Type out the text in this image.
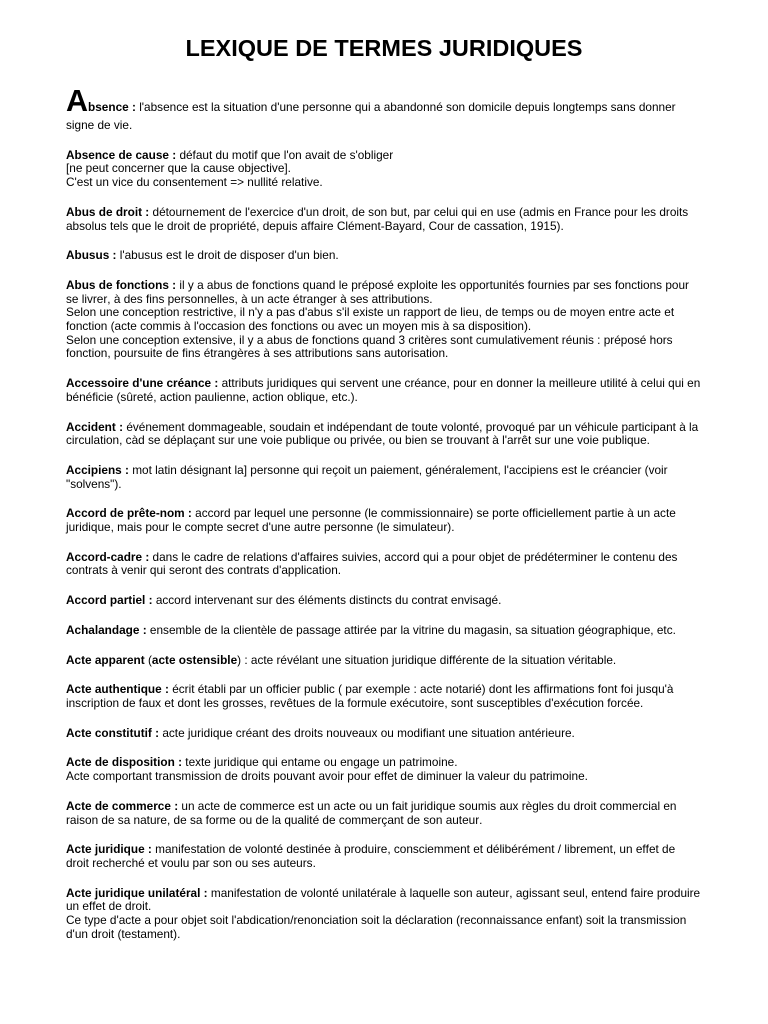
LEXIQUE DE TERMES JURIDIQUES
Absence : l'absence est la situation d'une personne qui a abandonné son domicile depuis longtemps sans donner
signe de vie.
Absence de cause : défaut du motif que l'on avait de s'obliger
[ne peut concerner que la cause objective].
C'est un vice du consentement => nullité relative.
Abus de droit : détournement de l'exercice d'un droit, de son but, par celui qui en use (admis en France pour les droits
absolus tels que le droit de propriété, depuis affaire Clément-Bayard, Cour de cassation, 1915).
Abusus : l'abusus est le droit de disposer d'un bien.
Abus de fonctions : il y a abus de fonctions quand le préposé exploite les opportunités fournies par ses fonctions pour
se livrer, à des fins personnelles, à un acte étranger à ses attributions.
Selon une conception restrictive, il n'y a pas d'abus s'il existe un rapport de lieu, de temps ou de moyen entre acte et
fonction (acte commis à l'occasion des fonctions ou avec un moyen mis à sa disposition).
Selon une conception extensive, il y a abus de fonctions quand 3 critères sont cumulativement réunis : préposé hors
fonction, poursuite de fins étrangères à ses attributions sans autorisation.
Accessoire d'une créance : attributs juridiques qui servent une créance, pour en donner la meilleure utilité à celui qui en
bénéficie (sûreté, action paulienne, action oblique, etc.).
Accident : événement dommageable, soudain et indépendant de toute volonté, provoqué par un véhicule participant à la
circulation, càd se déplaçant sur une voie publique ou privée, ou bien se trouvant à l'arrêt sur une voie publique.
Accipiens : mot latin désignant la] personne qui reçoit un paiement, généralement, l'accipiens est le créancier (voir
"solvens").
Accord de prête-nom : accord par lequel une personne (le commissionnaire) se porte officiellement partie à un acte
juridique, mais pour le compte secret d'une autre personne (le simulateur).
Accord-cadre : dans le cadre de relations d'affaires suivies, accord qui a pour objet de prédéterminer le contenu des
contrats à venir qui seront des contrats d'application.
Accord partiel : accord intervenant sur des éléments distincts du contrat envisagé.
Achalandage : ensemble de la clientèle de passage attirée par la vitrine du magasin, sa situation géographique, etc.
Acte apparent (acte ostensible) : acte révélant une situation juridique différente de la situation véritable.
Acte authentique : écrit établi par un officier public ( par exemple : acte notarié) dont les affirmations font foi jusqu'à
inscription de faux et dont les grosses, revêtues de la formule exécutoire, sont susceptibles d'exécution forcée.
Acte constitutif : acte juridique créant des droits nouveaux ou modifiant une situation antérieure.
Acte de disposition : texte juridique qui entame ou engage un patrimoine.
Acte comportant transmission de droits pouvant avoir pour effet de diminuer la valeur du patrimoine.
Acte de commerce : un acte de commerce est un acte ou un fait juridique soumis aux règles du droit commercial en
raison de sa nature, de sa forme ou de la qualité de commerçant de son auteur.
Acte juridique : manifestation de volonté destinée à produire, consciemment et délibérément / librement, un effet de
droit recherché et voulu par son ou ses auteurs.
Acte juridique unilatéral : manifestation de volonté unilatérale à laquelle son auteur, agissant seul, entend faire produire
un effet de droit.
Ce type d'acte a pour objet soit l'abdication/renonciation soit la déclaration (reconnaissance enfant) soit la transmission
d'un droit (testament).
